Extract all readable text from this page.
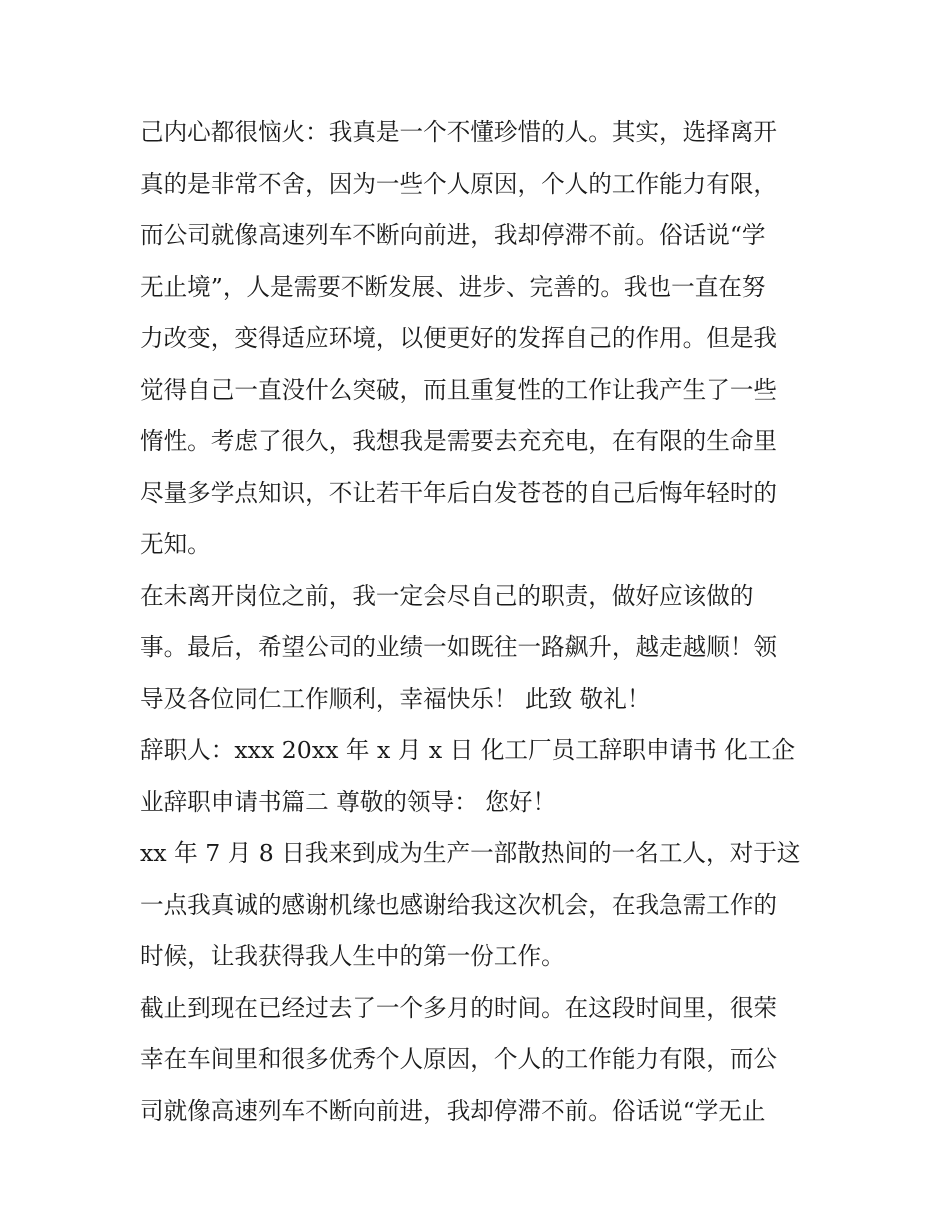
己内心都很恼火：我真是一个不懂珍惜的人。其实，选择离开
真的是非常不舍，因为一些个人原因，个人的工作能力有限，
而公司就像高速列车不断向前进，我却停滞不前。俗话说“学
无止境”，人是需要不断发展、进步、完善的。我也一直在努
力改变，变得适应环境，以便更好的发挥自己的作用。但是我
觉得自己一直没什么突破，而且重复性的工作让我产生了一些
惰性。考虑了很久，我想我是需要去充充电，在有限的生命里
尽量多学点知识，不让若干年后白发苍苍的自己后悔年轻时的
无知。
在未离开岗位之前，我一定会尽自己的职责，做好应该做的
事。最后，希望公司的业绩一如既往一路飙升，越走越顺！领
导及各位同仁工作顺利，幸福快乐！ 此致 敬礼！
辞职人：xxx 20xx 年 x 月 x 日 化工厂员工辞职申请书 化工企
业辞职申请书篇二 尊敬的领导： 您好！
xx 年 7 月 8 日我来到成为生产一部散热间的一名工人，对于这
一点我真诚的感谢机缘也感谢给我这次机会，在我急需工作的
时候，让我获得我人生中的第一份工作。
截止到现在已经过去了一个多月的时间。在这段时间里，很荣
幸在车间里和很多优秀个人原因，个人的工作能力有限，而公
司就像高速列车不断向前进，我却停滞不前。俗话说“学无止
